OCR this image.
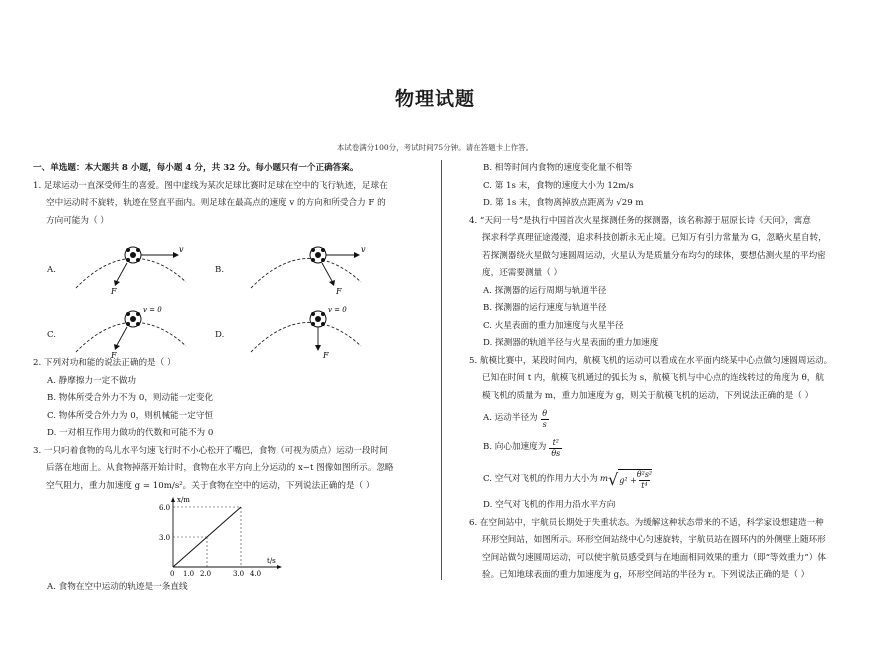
物理试题
本试卷满分100分，考试时间75分钟。请在答题卡上作答。
一、单选题：本大题共 8 小题，每小题 4 分，共 32 分。每小题只有一个正确答案。
1. 足球运动一直深受师生的喜爱。图中虚线为某次足球比赛时足球在空中的飞行轨迹，足球在
空中运动时不旋转，轨迹在竖直平面内。则足球在最高点的速度 v 的方向和所受合力 F 的
方向可能为（ ）
A.
v
F
B.
v
F
C.
v = 0
F
D.
v = 0
F
2. 下列对功和能的说法正确的是（ ）
A. 静摩擦力一定不做功
B. 物体所受合外力不为 0，则动能一定变化
C. 物体所受合外力为 0，则机械能一定守恒
D. 一对相互作用力做功的代数和可能不为 0
3. 一只叼着食物的鸟儿水平匀速飞行时不小心松开了嘴巴，食物（可视为质点）运动一段时间
后落在地面上。从食物掉落开始计时，食物在水平方向上分运动的 x−t 图像如图所示。忽略
空气阻力，重力加速度 g = 10m/s²。关于食物在空中的运动，下列说法正确的是（ ）
x/m
t/s
6.0
3.0
0 1.0 2.0	3.0 4.0
A. 食物在空中运动的轨迹是一条直线
B. 相等时间内食物的速度变化量不相等
C. 第 1s 末，食物的速度大小为 12m/s
D. 第 1s 末，食物离掉放点距离为 √29 m
4. “天问一号”是执行中国首次火星探测任务的探测器，该名称源于屈原长诗《天问》，寓意
探求科学真理征途漫漫，追求科技创新永无止境。已知万有引力常量为 G，忽略火星自转，
若探测器绕火星做匀速圆周运动，火星认为是质量分布均匀的球体，要想估测火星的平均密
度，还需要测量（ ）
A. 探测器的运行周期与轨道半径
B. 探测器的运行速度与轨道半径
C. 火星表面的重力加速度与火星半径
D. 探测器的轨道半径与火星表面的重力加速度
5. 航模比赛中，某段时间内，航模飞机的运动可以看成在水平面内绕某中心点做匀速圆周运动。
已知在时间 t 内，航模飞机通过的弧长为 s，航模飞机与中心点的连线转过的角度为 θ，航
模飞机的质量为 m，重力加速度为 g，则关于航模飞机的运动，下列说法正确的是（ ）
A. 运动半径为
θ
s
B. 向心加速度为
t²
θs
C. 空气对飞机的作用力大小为 m √ $g^2 + \frac{\text{θ²s²}}{\text{t⁴}}$
D. 空气对飞机的作用力沿水平方向
6. 在空间站中，宇航员长期处于失重状态。为缓解这种状态带来的不适，科学家设想建造一种
环形空间站，如图所示。环形空间站绕中心匀速旋转，宇航员站在圆环内的外侧壁上随环形
空间站做匀速圆周运动，可以使宇航员感受到与在地面相同效果的重力（即“等效重力”）体
验。已知地球表面的重力加速度为 g，环形空间站的半径为 r。下列说法正确的是（ ）
